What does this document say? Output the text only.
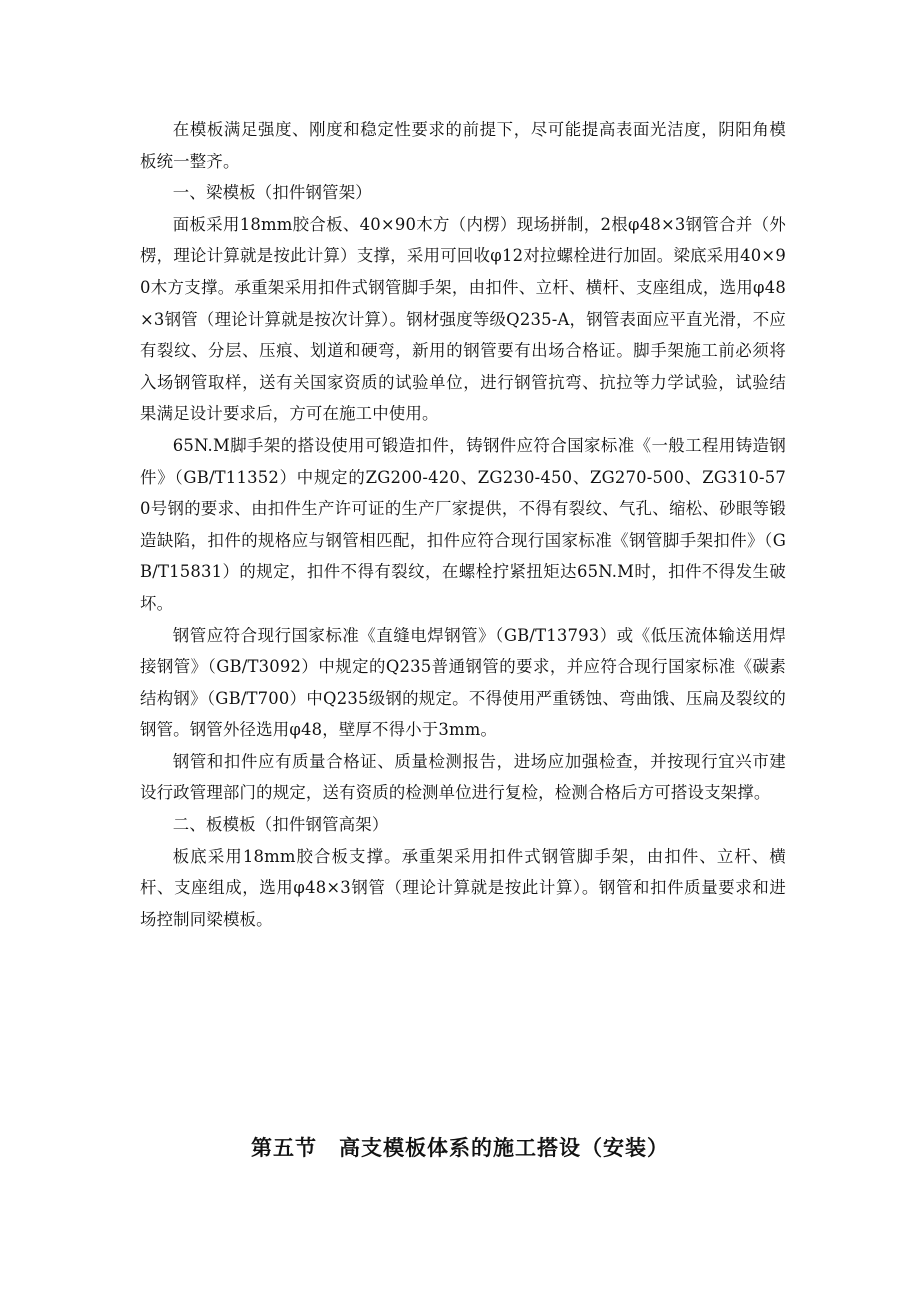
在模板满足强度、刚度和稳定性要求的前提下，尽可能提高表面光洁度，阴阳角模板统一整齐。

一、梁模板（扣件钢管架）

面板采用18mm胶合板、40×90木方（内楞）现场拼制，2根φ48×3钢管合并（外楞，理论计算就是按此计算）支撑，采用可回收φ12对拉螺栓进行加固。梁底采用40×90木方支撑。承重架采用扣件式钢管脚手架，由扣件、立杆、横杆、支座组成，选用φ48×3钢管（理论计算就是按次计算）。钢材强度等级Q235-A，钢管表面应平直光滑，不应有裂纹、分层、压痕、划道和硬弯，新用的钢管要有出场合格证。脚手架施工前必须将入场钢管取样，送有关国家资质的试验单位，进行钢管抗弯、抗拉等力学试验，试验结果满足设计要求后，方可在施工中使用。

65N.M脚手架的搭设使用可锻造扣件，铸钢件应符合国家标准《一般工程用铸造钢件》（GB/T11352）中规定的ZG200-420、ZG230-450、ZG270-500、ZG310-570号钢的要求、由扣件生产许可证的生产厂家提供，不得有裂纹、气孔、缩松、砂眼等锻造缺陷，扣件的规格应与钢管相匹配，扣件应符合现行国家标准《钢管脚手架扣件》（GB/T15831）的规定，扣件不得有裂纹，在螺栓拧紧扭矩达65N.M时，扣件不得发生破坏。

钢管应符合现行国家标准《直缝电焊钢管》（GB/T13793）或《低压流体输送用焊接钢管》（GB/T3092）中规定的Q235普通钢管的要求，并应符合现行国家标准《碳素结构钢》（GB/T700）中Q235级钢的规定。不得使用严重锈蚀、弯曲饿、压扁及裂纹的钢管。钢管外径选用φ48，壁厚不得小于3mm。

钢管和扣件应有质量合格证、质量检测报告，进场应加强检查，并按现行宜兴市建设行政管理部门的规定，送有资质的检测单位进行复检，检测合格后方可搭设支架撑。

二、板模板（扣件钢管高架）

板底采用18mm胶合板支撑。承重架采用扣件式钢管脚手架，由扣件、立杆、横杆、支座组成，选用φ48×3钢管（理论计算就是按此计算）。钢管和扣件质量要求和进场控制同梁模板。

第五节　高支模板体系的施工搭设（安装）
